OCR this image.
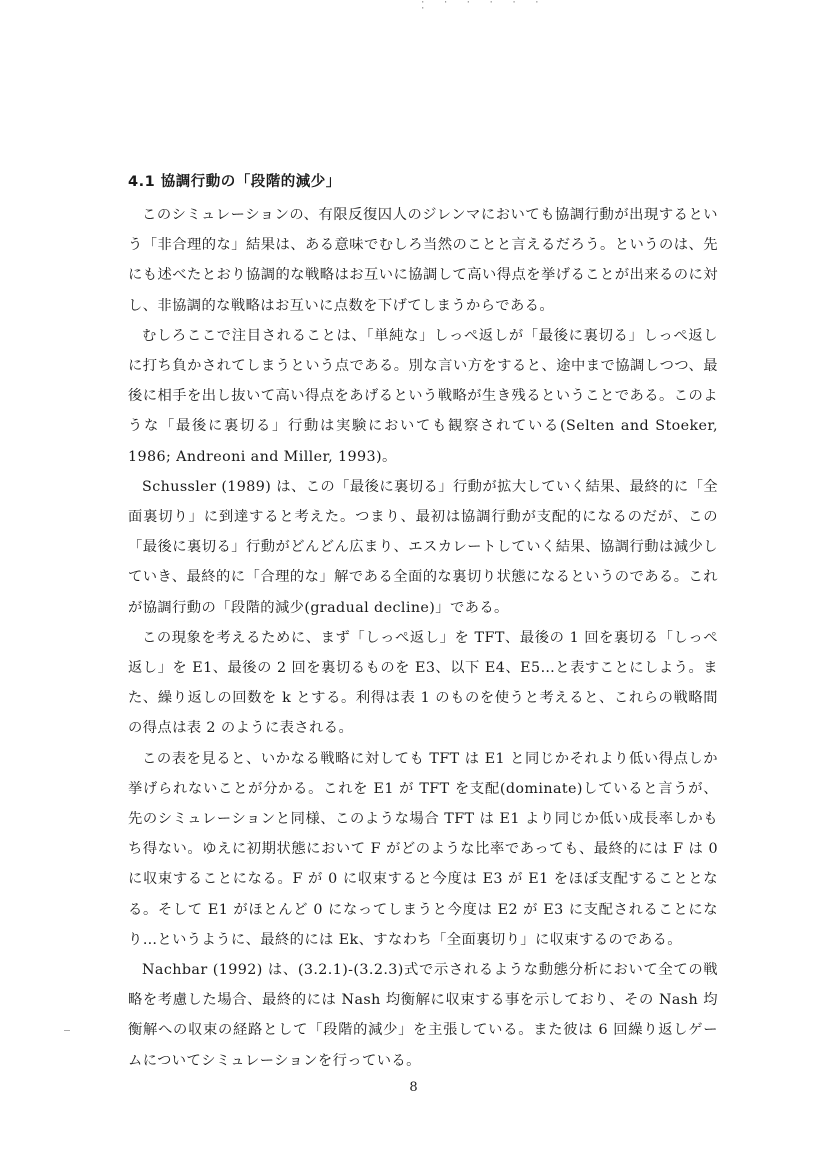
· · · · · · ·
4.1 協調行動の「段階的減少」

このシミュレーションの、有限反復囚人のジレンマにおいても協調行動が出現するという「非合理的な」結果は、ある意味でむしろ当然のことと言えるだろう。というのは、先にも述べたとおり協調的な戦略はお互いに協調して高い得点を挙げることが出来るのに対し、非協調的な戦略はお互いに点数を下げてしまうからである。

むしろここで注目されることは、「単純な」しっぺ返しが「最後に裏切る」しっぺ返しに打ち負かされてしまうという点である。別な言い方をすると、途中まで協調しつつ、最後に相手を出し抜いて高い得点をあげるという戦略が生き残るということである。このような「最後に裏切る」行動は実験においても観察されている(Selten and Stoeker, 1986; Andreoni and Miller, 1993)。

Schussler (1989) は、この「最後に裏切る」行動が拡大していく結果、最終的に「全面裏切り」に到達すると考えた。つまり、最初は協調行動が支配的になるのだが、この「最後に裏切る」行動がどんどん広まり、エスカレートしていく結果、協調行動は減少していき、最終的に「合理的な」解である全面的な裏切り状態になるというのである。これが協調行動の「段階的減少(gradual decline)」である。

この現象を考えるために、まず「しっぺ返し」を TFT、最後の 1 回を裏切る「しっぺ返し」を E1、最後の 2 回を裏切るものを E3、以下 E4、E5…と表すことにしよう。また、繰り返しの回数を k とする。利得は表 1 のものを使うと考えると、これらの戦略間の得点は表 2 のように表される。

この表を見ると、いかなる戦略に対しても TFT は E1 と同じかそれより低い得点しか挙げられないことが分かる。これを E1 が TFT を支配(dominate)していると言うが、先のシミュレーションと同様、このような場合 TFT は E1 より同じか低い成長率しかもち得ない。ゆえに初期状態において F がどのような比率であっても、最終的には F は 0 に収束することになる。F が 0 に収束すると今度は E3 が E1 をほぼ支配することとなる。そして E1 がほとんど 0 になってしまうと今度は E2 が E3 に支配されることになり…というように、最終的には Ek、すなわち「全面裏切り」に収束するのである。

Nachbar (1992) は、(3.2.1)-(3.2.3)式で示されるような動態分析において全ての戦略を考慮した場合、最終的には Nash 均衡解に収束する事を示しており、その Nash 均衡解への収束の経路として「段階的減少」を主張している。また彼は 6 回繰り返しゲームについてシミュレーションを行っている。

8
